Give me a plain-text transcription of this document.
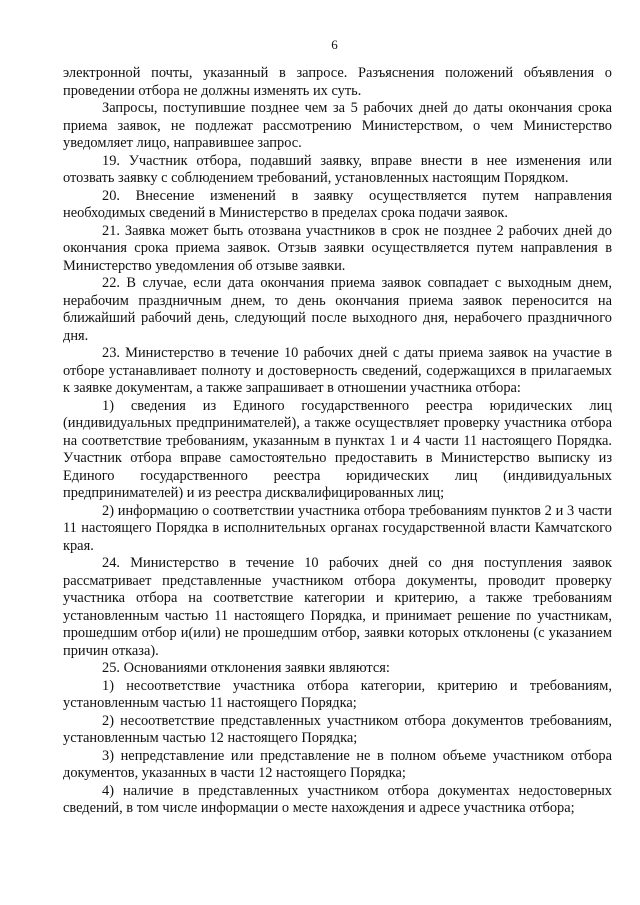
6

электронной почты, указанный в запросе. Разъяснения положений объявления о проведении отбора не должны изменять их суть.

Запросы, поступившие позднее чем за 5 рабочих дней до даты окончания срока приема заявок, не подлежат рассмотрению Министерством, о чем Министерство уведомляет лицо, направившее запрос.

19. Участник отбора, подавший заявку, вправе внести в нее изменения или отозвать заявку с соблюдением требований, установленных настоящим Порядком.

20. Внесение изменений в заявку осуществляется путем направления необходимых сведений в Министерство в пределах срока подачи заявок.

21. Заявка может быть отозвана участников в срок не позднее 2 рабочих дней до окончания срока приема заявок. Отзыв заявки осуществляется путем направления в Министерство уведомления об отзыве заявки.

22. В случае, если дата окончания приема заявок совпадает с выходным днем, нерабочим праздничным днем, то день окончания приема заявок переносится на ближайший рабочий день, следующий после выходного дня, нерабочего праздничного дня.

23. Министерство в течение 10 рабочих дней с даты приема заявок на участие в отборе устанавливает полноту и достоверность сведений, содержащихся в прилагаемых к заявке документам, а также запрашивает в отношении участника отбора:

1) сведения из Единого государственного реестра юридических лиц (индивидуальных предпринимателей), а также осуществляет проверку участника отбора на соответствие требованиям, указанным в пунктах 1 и 4 части 11 настоящего Порядка. Участник отбора вправе самостоятельно предоставить в Министерство выписку из Единого государственного реестра юридических лиц (индивидуальных предпринимателей) и из реестра дисквалифицированных лиц;

2) информацию о соответствии участника отбора требованиям пунктов 2 и 3 части 11 настоящего Порядка в исполнительных органах государственной власти Камчатского края.

24. Министерство в течение 10 рабочих дней со дня поступления заявок рассматривает представленные участником отбора документы, проводит проверку участника отбора на соответствие категории и критерию, а также требованиям установленным частью 11 настоящего Порядка, и принимает решение по участникам, прошедшим отбор и(или) не прошедшим отбор, заявки которых отклонены (с указанием причин отказа).

25. Основаниями отклонения заявки являются:

1) несоответствие участника отбора категории, критерию и требованиям, установленным частью 11 настоящего Порядка;

2) несоответствие представленных участником отбора документов требованиям, установленным частью 12 настоящего Порядка;

3) непредставление или представление не в полном объеме участником отбора документов, указанных в части 12 настоящего Порядка;

4) наличие в представленных участником отбора документах недостоверных сведений, в том числе информации о месте нахождения и адресе участника отбора;
